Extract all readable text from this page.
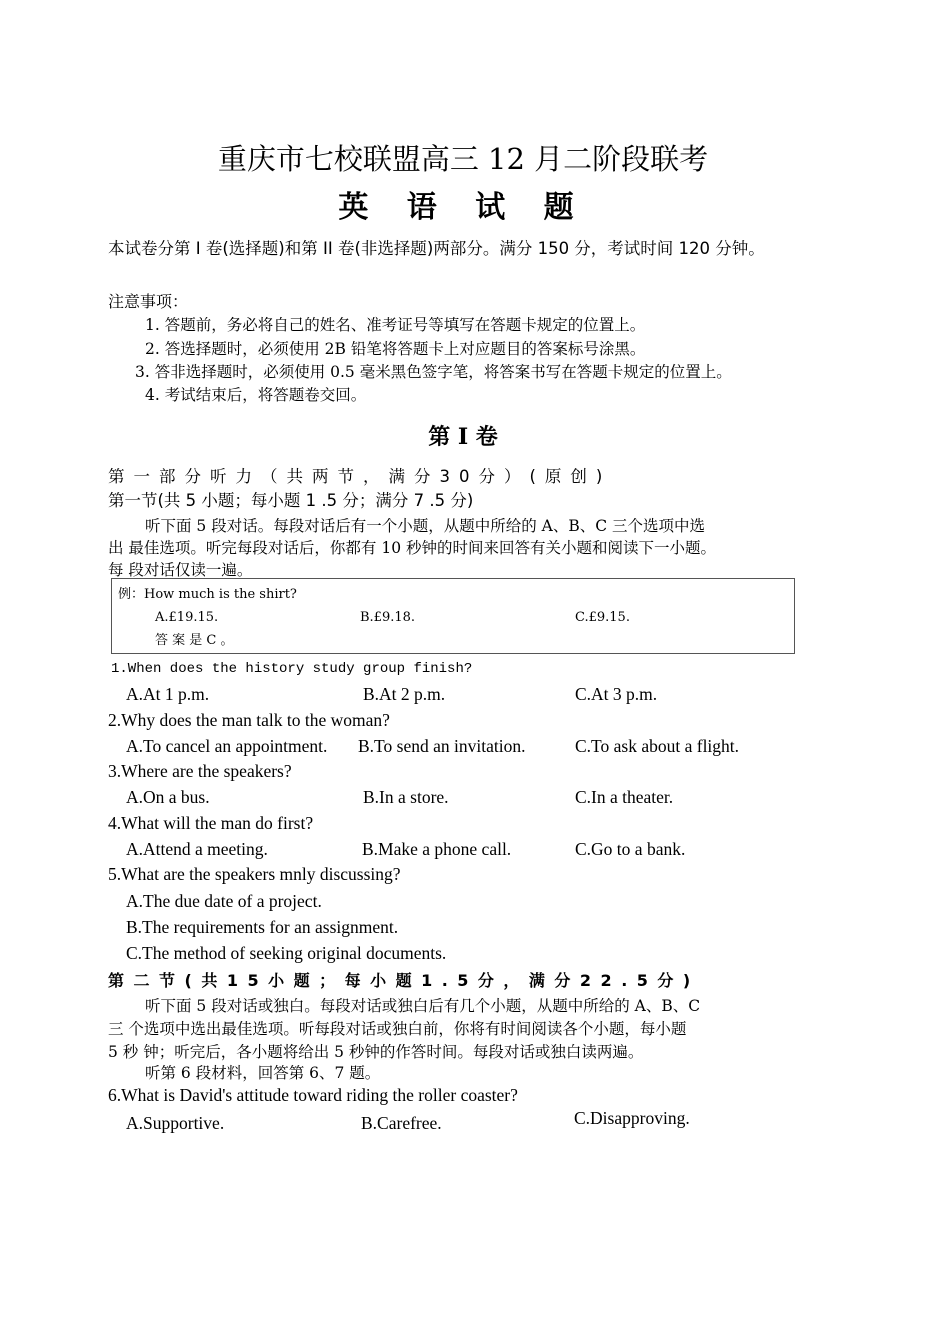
重庆市七校联盟高三 12 月二阶段联考
英 语 试 题
本试卷分第 I 卷(选择题)和第 II 卷(非选择题)两部分。满分 150 分，考试时间 120 分钟。
注意事项：
1. 答题前，务必将自己的姓名、准考证号等填写在答题卡规定的位置上。
2. 答选择题时，必须使用 2B 铅笔将答题卡上对应题目的答案标号涂黑。
3. 答非选择题时，必须使用 0.5 毫米黑色签字笔，将答案书写在答题卡规定的位置上。
4. 考试结束后，将答题卷交回。
第 I 卷
第一部分听力（共两节，满分30分）(原创)
第一节(共 5 小题；每小题 1 .5 分；满分 7 .5 分)
听下面 5 段对话。每段对话后有一个小题，从题中所给的 A、B、C 三个选项中选
出 最佳选项。听完每段对话后，你都有 10 秒钟的时间来回答有关小题和阅读下一小题。
每 段对话仅读一遍。
例：How much is the shirt?
A.£19.15.	B.£9.18.	C.£9.15.
答 案 是 C 。
1.When does the history study group finish?
A.At 1 p.m.	B.At 2 p.m.	C.At 3 p.m.
2.Why does the man talk to the woman?
A.To cancel an appointment. B.To send an invitation.	C.To ask about a flight.
3.Where are the speakers?
A.On a bus.	B.In a store.	C.In a theater.
4.What will the man do first?
A.Attend a meeting.	B.Make a phone call.	C.Go to a bank.
5.What are the speakers mnly discussing?
A.The due date of a project.
B.The requirements for an assignment.
C.The method of seeking original documents.
第二节(共15小题；每小题1.5分，满分22.5分)
听下面 5 段对话或独白。每段对话或独白后有几个小题，从题中所给的 A、B、C
三 个选项中选出最佳选项。听每段对话或独白前，你将有时间阅读各个小题，每小题
5 秒 钟；听完后，各小题将给出 5 秒钟的作答时间。每段对话或独白读两遍。
听第 6 段材料，回答第 6、7 题。
6.What is David's attitude toward riding the roller coaster?
A.Supportive.	B.Carefree.	C.Disapproving.
